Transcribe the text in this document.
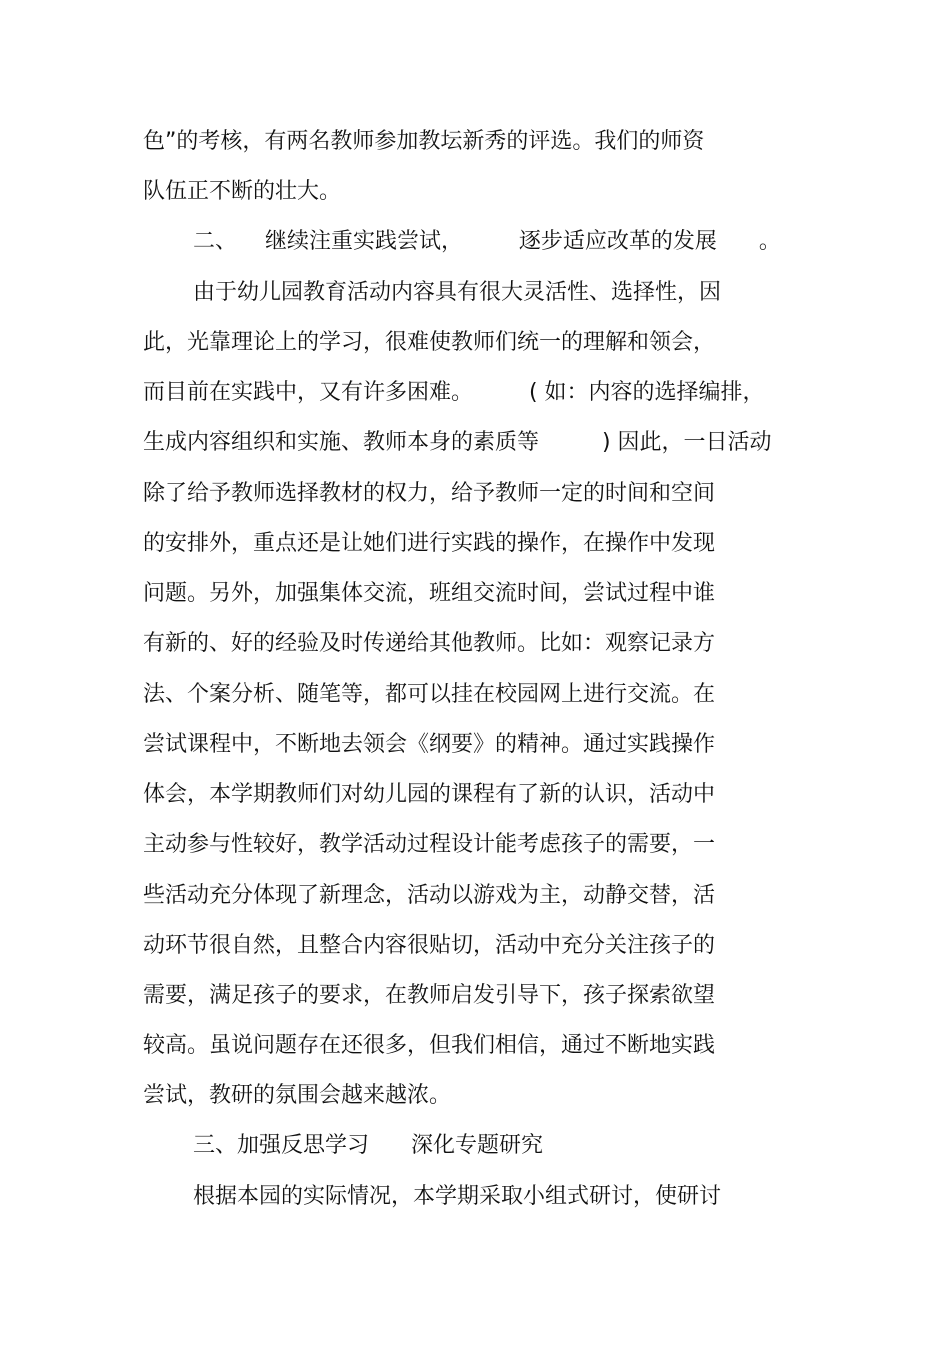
色”的考核，有两名教师参加教坛新秀的评选。我们的师资
队伍正不断的壮大。
二、    继续注重实践尝试，        逐步适应改革的发展      。
由于幼儿园教育活动内容具有很大灵活性、选择性，因
此，光靠理论上的学习，很难使教师们统一的理解和领会，
而目前在实践中，又有许多困难。        ( 如：内容的选择编排，
生成内容组织和实施、教师本身的素质等         ) 因此，一日活动
除了给予教师选择教材的权力，给予教师一定的时间和空间
的安排外，重点还是让她们进行实践的操作，在操作中发现
问题。另外，加强集体交流，班组交流时间，尝试过程中谁
有新的、好的经验及时传递给其他教师。比如：观察记录方
法、个案分析、随笔等，都可以挂在校园网上进行交流。在
尝试课程中，不断地去领会《纲要》的精神。通过实践操作
体会，本学期教师们对幼儿园的课程有了新的认识，活动中
主动参与性较好，教学活动过程设计能考虑孩子的需要，一
些活动充分体现了新理念，活动以游戏为主，动静交替，活
动环节很自然，且整合内容很贴切，活动中充分关注孩子的
需要，满足孩子的要求，在教师启发引导下，孩子探索欲望
较高。虽说问题存在还很多，但我们相信，通过不断地实践
尝试，教研的氛围会越来越浓。
三、加强反思学习      深化专题研究
根据本园的实际情况，本学期采取小组式研讨，使研讨
